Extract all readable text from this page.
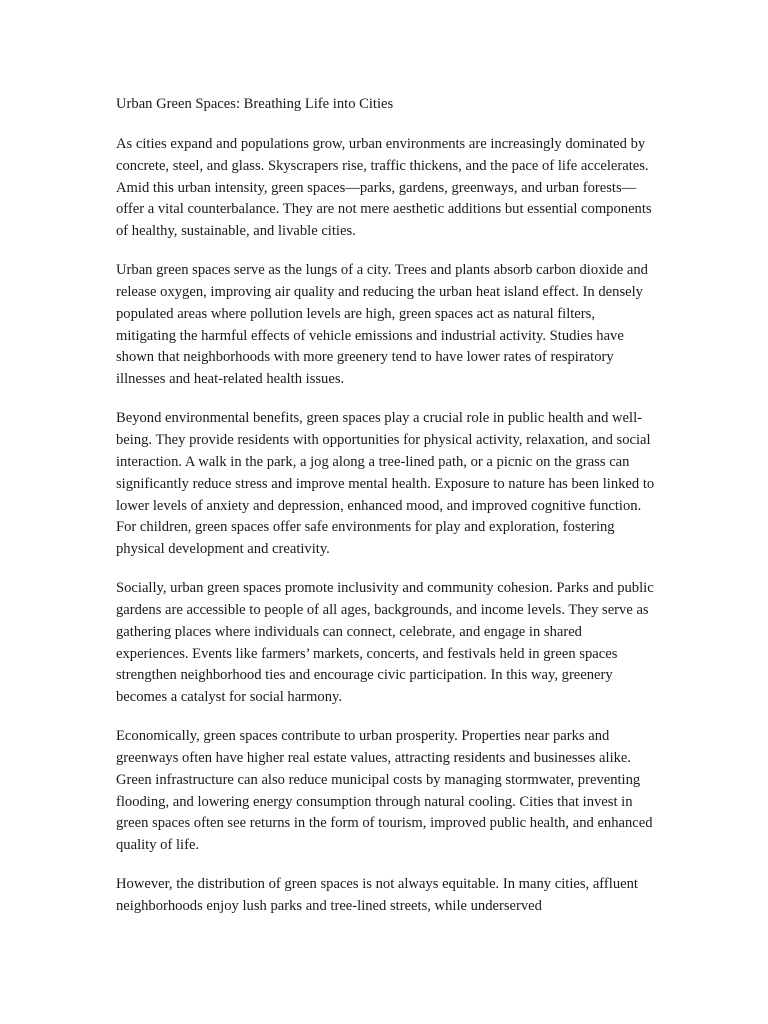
Urban Green Spaces: Breathing Life into Cities

As cities expand and populations grow, urban environments are increasingly dominated by concrete, steel, and glass. Skyscrapers rise, traffic thickens, and the pace of life accelerates. Amid this urban intensity, green spaces—parks, gardens, greenways, and urban forests—offer a vital counterbalance. They are not mere aesthetic additions but essential components of healthy, sustainable, and livable cities.

Urban green spaces serve as the lungs of a city. Trees and plants absorb carbon dioxide and release oxygen, improving air quality and reducing the urban heat island effect. In densely populated areas where pollution levels are high, green spaces act as natural filters, mitigating the harmful effects of vehicle emissions and industrial activity. Studies have shown that neighborhoods with more greenery tend to have lower rates of respiratory illnesses and heat-related health issues.

Beyond environmental benefits, green spaces play a crucial role in public health and well-being. They provide residents with opportunities for physical activity, relaxation, and social interaction. A walk in the park, a jog along a tree-lined path, or a picnic on the grass can significantly reduce stress and improve mental health. Exposure to nature has been linked to lower levels of anxiety and depression, enhanced mood, and improved cognitive function. For children, green spaces offer safe environments for play and exploration, fostering physical development and creativity.

Socially, urban green spaces promote inclusivity and community cohesion. Parks and public gardens are accessible to people of all ages, backgrounds, and income levels. They serve as gathering places where individuals can connect, celebrate, and engage in shared experiences. Events like farmers’ markets, concerts, and festivals held in green spaces strengthen neighborhood ties and encourage civic participation. In this way, greenery becomes a catalyst for social harmony.

Economically, green spaces contribute to urban prosperity. Properties near parks and greenways often have higher real estate values, attracting residents and businesses alike. Green infrastructure can also reduce municipal costs by managing stormwater, preventing flooding, and lowering energy consumption through natural cooling. Cities that invest in green spaces often see returns in the form of tourism, improved public health, and enhanced quality of life.

However, the distribution of green spaces is not always equitable. In many cities, affluent neighborhoods enjoy lush parks and tree-lined streets, while underserved
